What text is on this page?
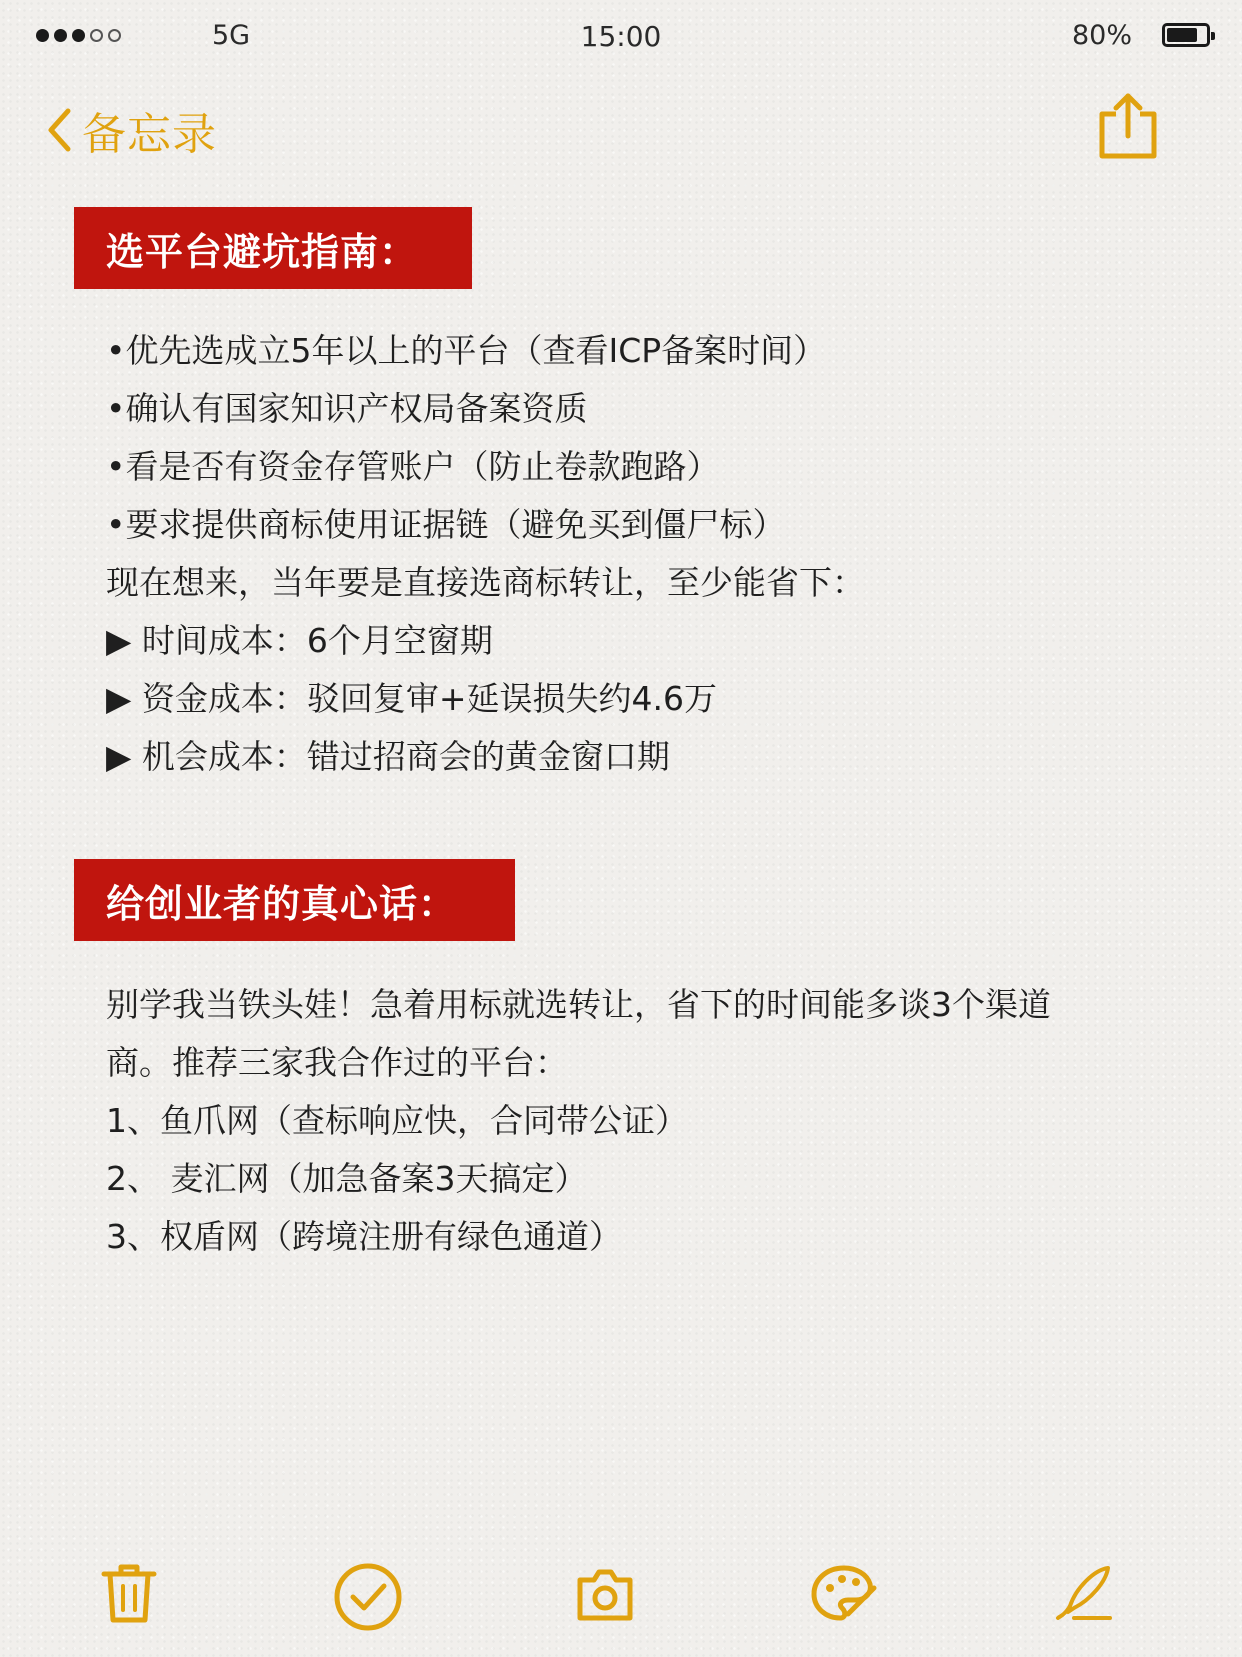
5G	15:00	80%
备忘录
选平台避坑指南：
•优先选成立5年以上的平台（查看ICP备案时间）
•确认有国家知识产权局备案资质
•看是否有资金存管账户（防止卷款跑路）
•要求提供商标使用证据链（避免买到僵尸标）
现在想来，当年要是直接选商标转让，至少能省下：
▶ 时间成本：6个月空窗期
▶ 资金成本：驳回复审+延误损失约4.6万
▶ 机会成本：错过招商会的黄金窗口期
给创业者的真心话：
别学我当铁头娃！急着用标就选转让，省下的时间能多谈3个渠道
商。推荐三家我合作过的平台：
1、鱼爪网（查标响应快，合同带公证）
2、 麦汇网（加急备案3天搞定）
3、权盾网（跨境注册有绿色通道）
